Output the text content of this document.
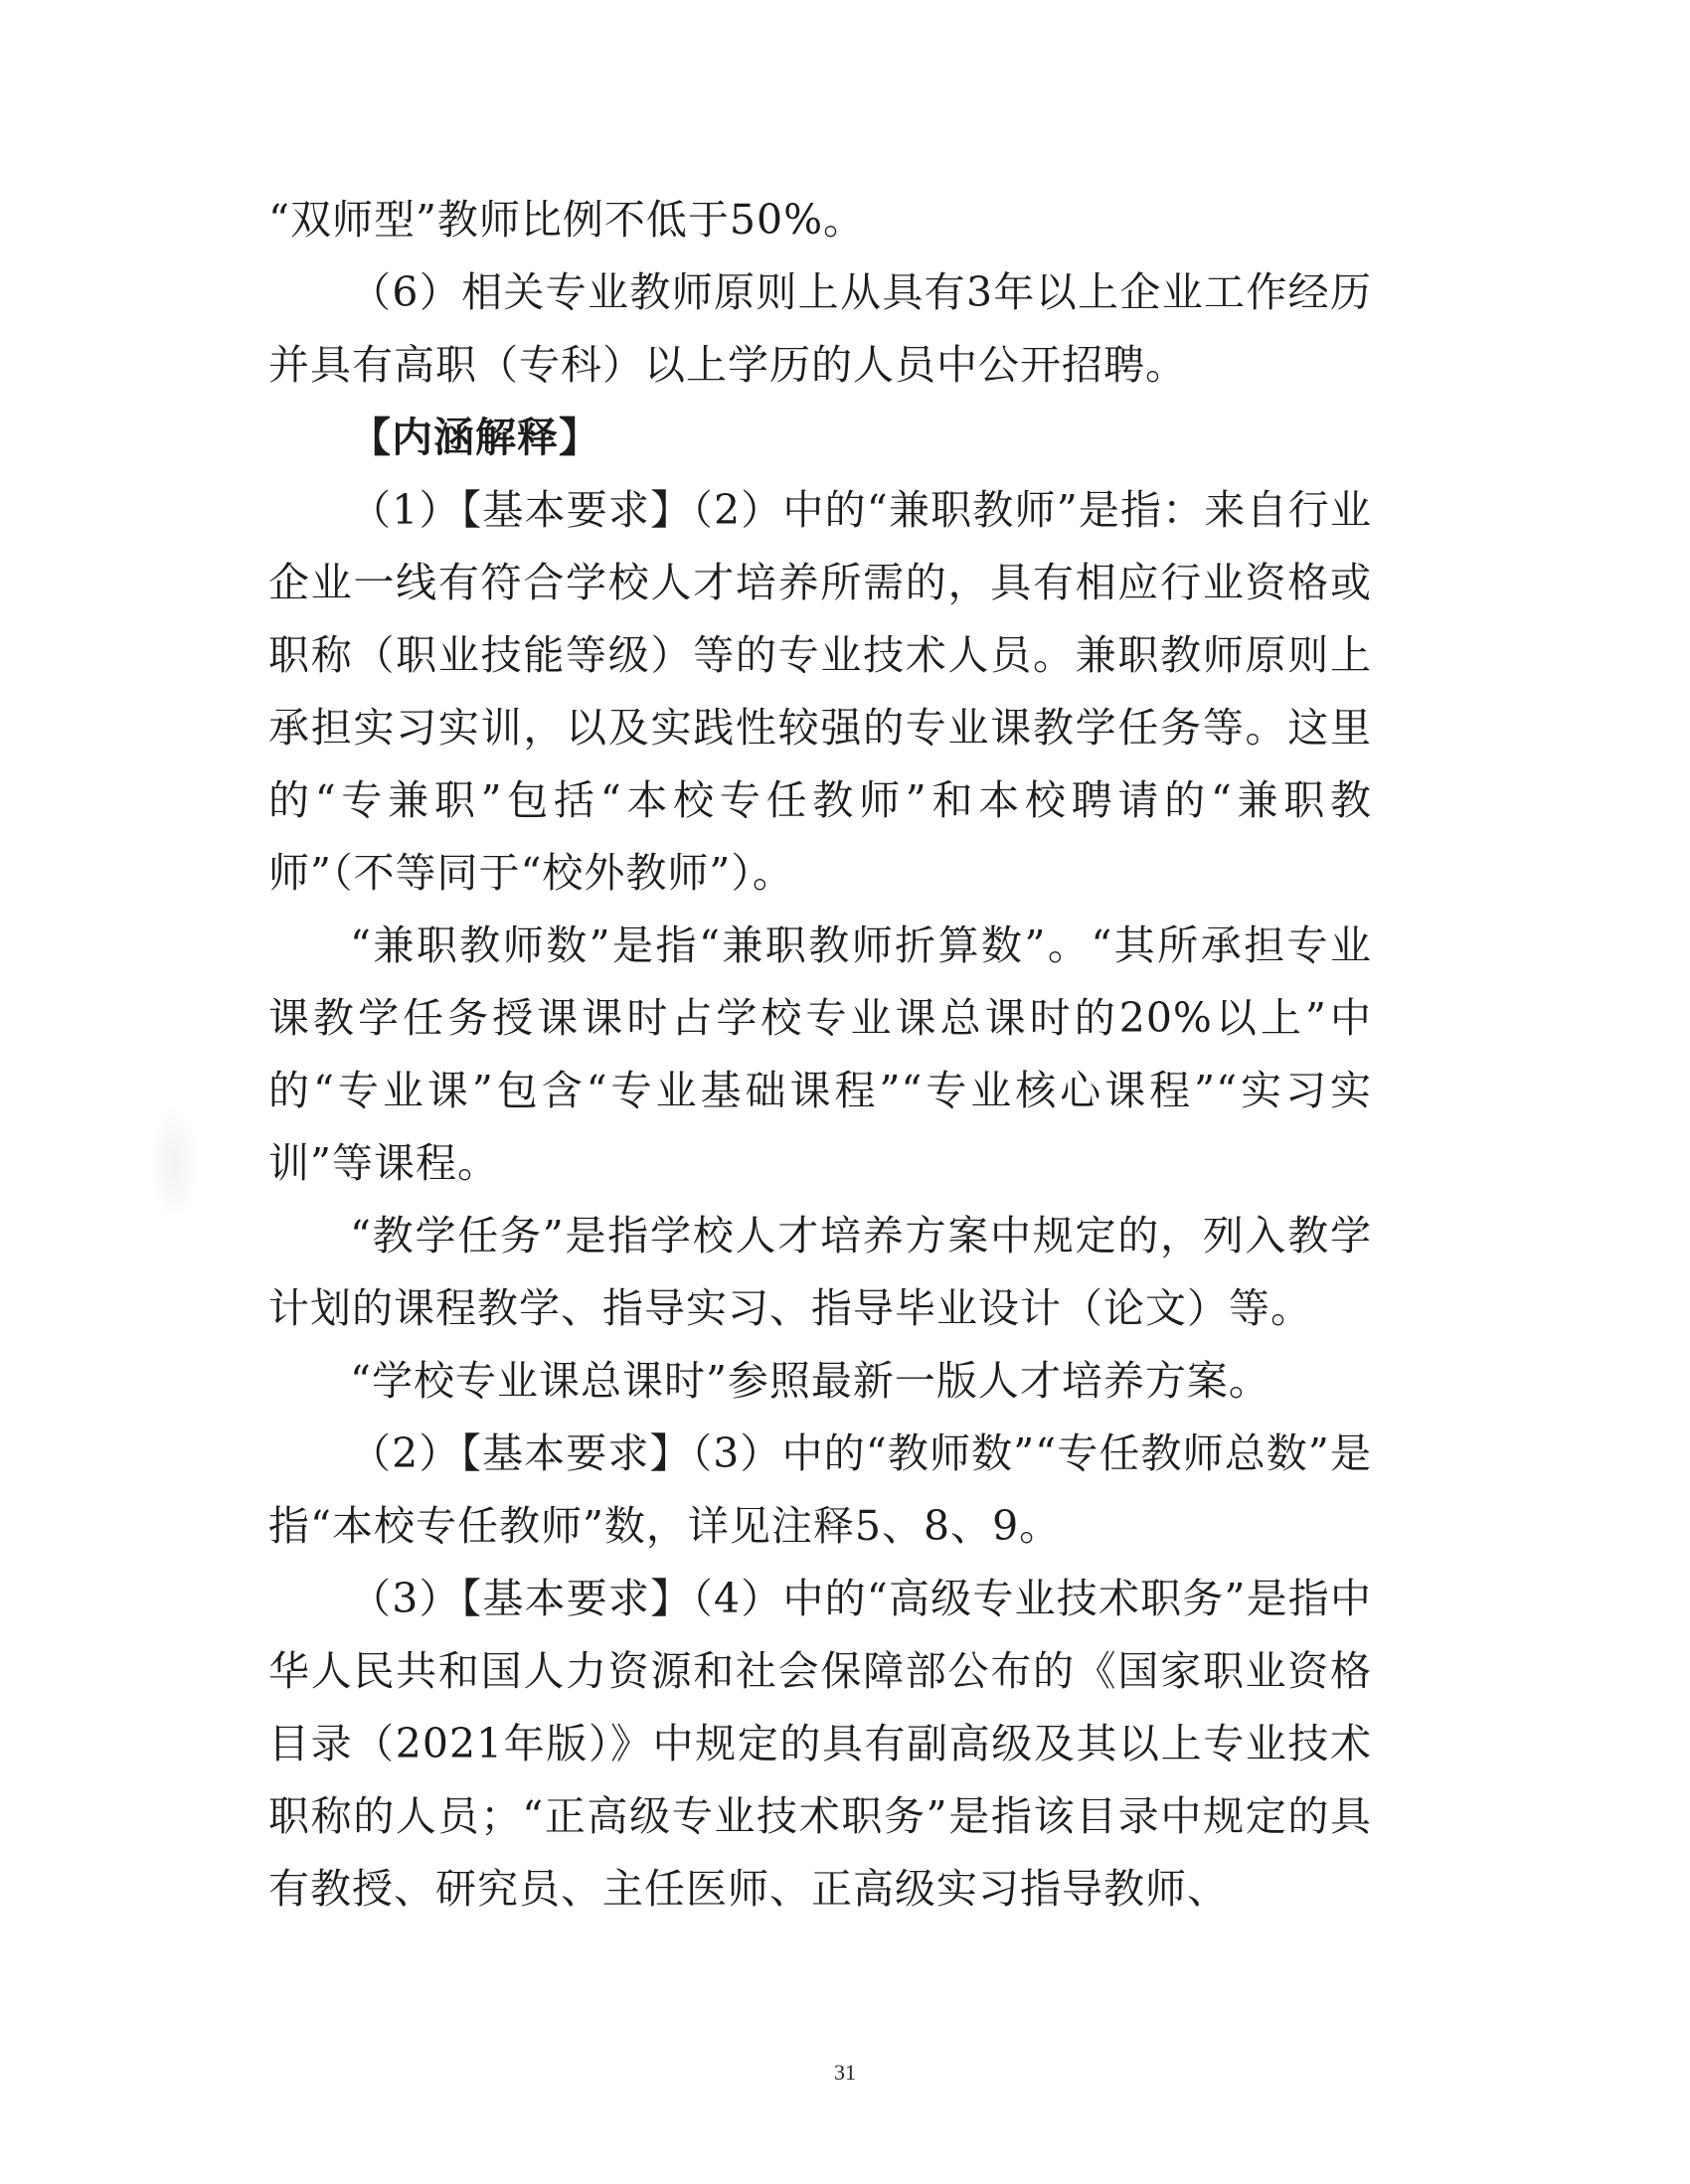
“双师型”教师比例不低于50%。

（6）相关专业教师原则上从具有3年以上企业工作经历并具有高职（专科）以上学历的人员中公开招聘。

【内涵解释】

（1）【基本要求】（2）中的“兼职教师”是指：来自行业企业一线有符合学校人才培养所需的，具有相应行业资格或职称（职业技能等级）等的专业技术人员。兼职教师原则上承担实习实训，以及实践性较强的专业课教学任务等。这里的“专兼职”包括“本校专任教师”和本校聘请的“兼职教师”（不等同于“校外教师”）。

“兼职教师数”是指“兼职教师折算数”。“其所承担专业课教学任务授课课时占学校专业课总课时的20%以上”中的“专业课”包含“专业基础课程”“专业核心课程”“实习实训”等课程。

“教学任务”是指学校人才培养方案中规定的，列入教学计划的课程教学、指导实习、指导毕业设计（论文）等。

“学校专业课总课时”参照最新一版人才培养方案。

（2）【基本要求】（3）中的“教师数”“专任教师总数”是指“本校专任教师”数，详见注释5、8、9。

（3）【基本要求】（4）中的“高级专业技术职务”是指中华人民共和国人力资源和社会保障部公布的《国家职业资格目录（2021年版）》中规定的具有副高级及其以上专业技术职称的人员；“正高级专业技术职务”是指该目录中规定的具有教授、研究员、主任医师、正高级实习指导教师、

31
